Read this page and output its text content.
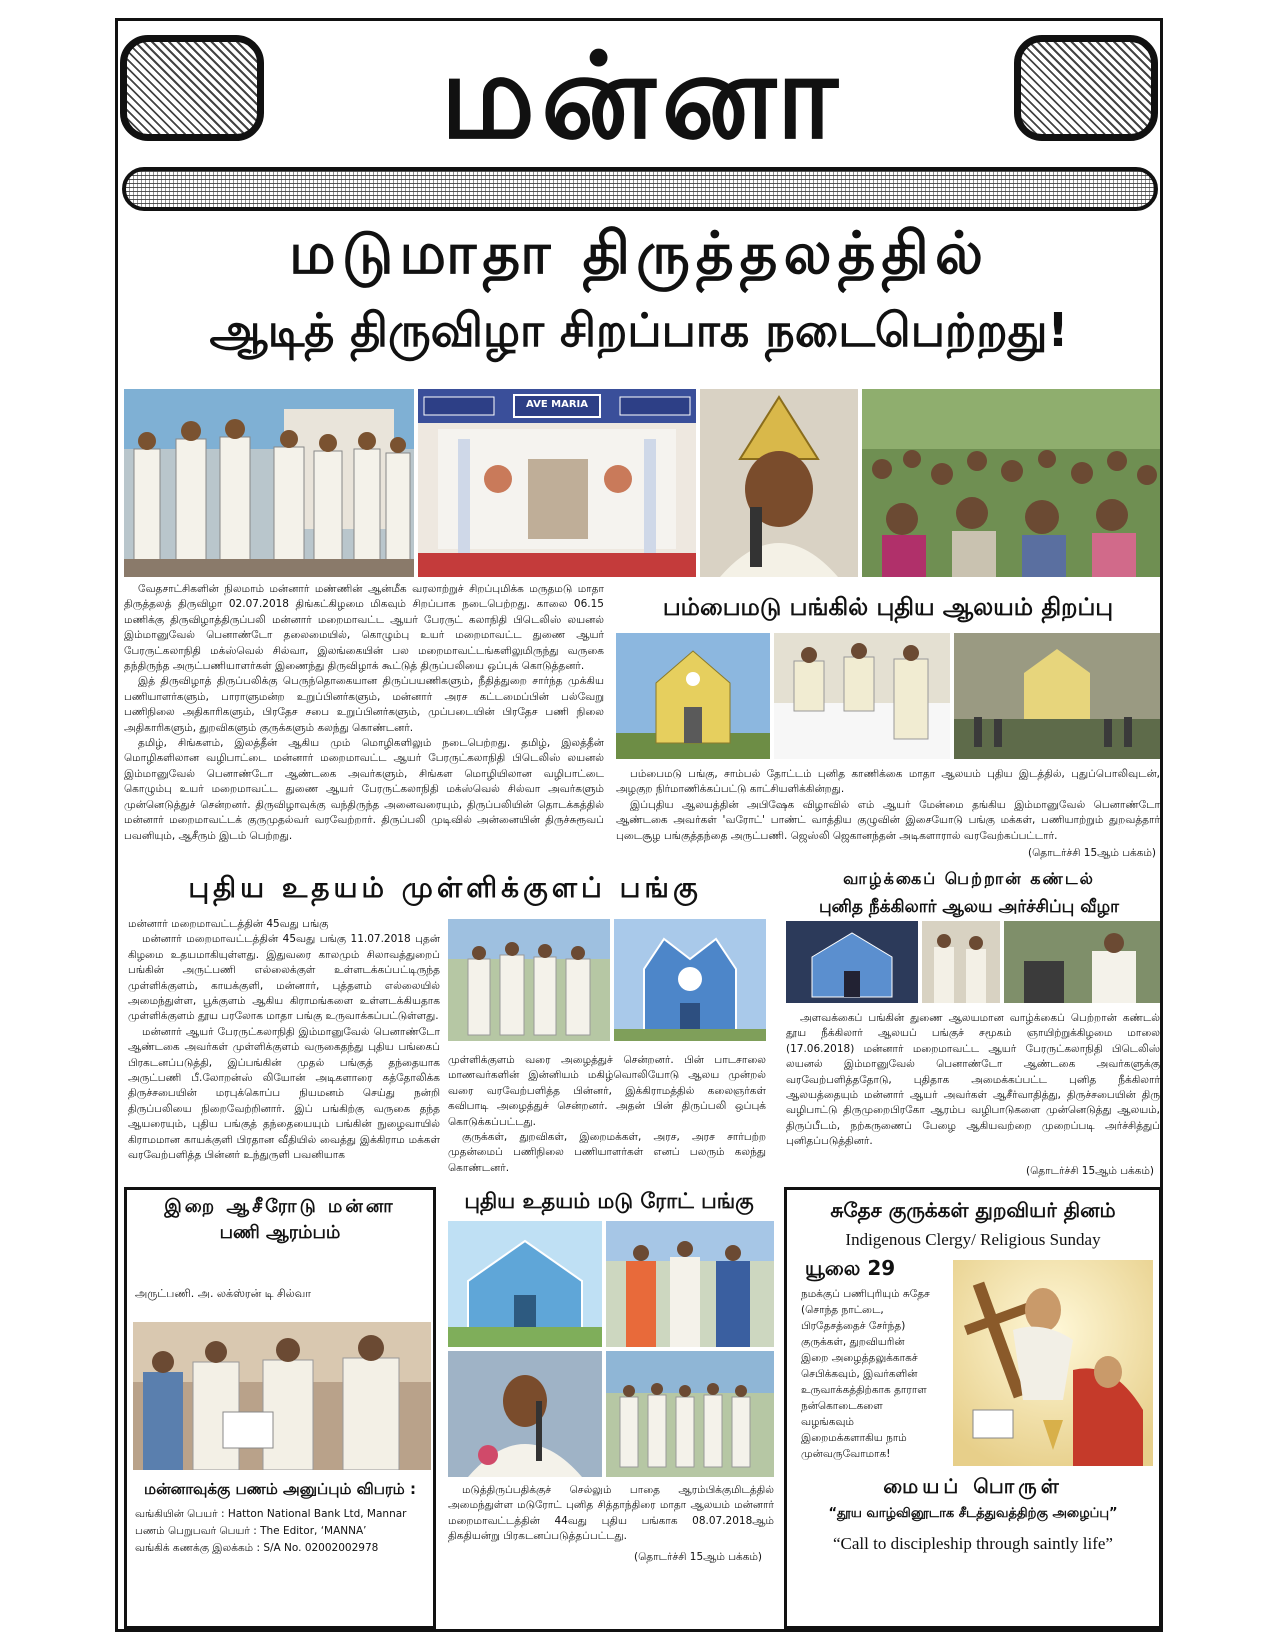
மன்னா
மடுமாதா திருத்தலத்தில்
ஆடித் திருவிழா சிறப்பாக நடைபெற்றது!
AVE MARIA

வேதசாட்சிகளின் நிலமாம் மன்னார் மண்ணின் ஆன்மீக வரலாற்றுச் சிறப்புமிக்க மருதமடு மாதா திருத்தலத் திருவிழா 02.07.2018 திங்கட்கிழமை மிகவும் சிறப்பாக நடைபெற்றது. காலை 06.15 மணிக்கு திருவிழாத்திருப்பலி மன்னார் மறைமாவட்ட ஆயர் பேரருட் கலாநிதி பிடெலிஸ் லயனல் இம்மானுவேல் பெனாண்டோ தலைமையில், கொழும்பு உயர் மறைமாவட்ட துணை ஆயர் பேரருட்கலாநிதி மக்ஸ்வெல் சில்வா, இலங்கையின் பல மறைமாவட்டங்களிலுமிருந்து வருகை தந்திருந்த அருட்பணியாளர்கள் இணைந்து திருவிழாக் கூட்டுத் திருப்பலியை ஒப்புக் கொடுத்தனர்.

இத் திருவிழாத் திருப்பலிக்கு பெருந்தொகையான திருப்பயணிகளும், நீதித்துறை சார்ந்த முக்கிய பணியாளர்களும், பாராளுமன்ற உறுப்பினர்களும், மன்னார் அரச கட்டமைப்பின் பல்வேறு பணிநிலை அதிகாரிகளும், பிரதேச சபை உறுப்பினர்களும், முப்படையின் பிரதேச பணி நிலை அதிகாரிகளும், துறவிகளும் குருக்களும் கலந்து கொண்டனர்.

தமிழ், சிங்களம், இலத்தீன் ஆகிய மும் மொழிகளிலும் நடைபெற்றது. தமிழ், இலத்தீன் மொழிகளிலான வழிபாட்டை மன்னார் மறைமாவட்ட ஆயர் பேரருட்கலாநிதி பிடெலிஸ் லயனல் இம்மானுவேல் பெனாண்டோ ஆண்டகை அவர்களும், சிங்கள மொழியிலான வழிபாட்டை கொழும்பு உயர் மறைமாவட்ட துணை ஆயர் பேரருட்கலாநிதி மக்ஸ்வெல் சில்வா அவர்களும் முன்னெடுத்துச் சென்றனர். திருவிழாவுக்கு வந்திருந்த அனைவரையும், திருப்பலியின் தொடக்கத்தில் மன்னார் மறைமாவட்டக் குருமுதல்வர் வரவேற்றார். திருப்பலி முடிவில் அன்னையின் திருச்சுரூவப் பவனியும், ஆசீரும் இடம் பெற்றது.

பம்பைமடு பங்கில் புதிய ஆலயம் திறப்பு

பம்பைமடு பங்கு, சாம்பல் தோட்டம் புனித காணிக்கை மாதா ஆலயம் புதிய இடத்தில், புதுப்பொலிவுடன், அழகுற நிர்மாணிக்கப்பட்டு காட்சியளிக்கின்றது.

இப்புதிய ஆலயத்தின் அபிஷேக விழாவில் எம் ஆயர் மேன்மை தங்கிய இம்மானுவேல் பெனாண்டோ ஆண்டகை அவர்கள் 'வரோட்' பாண்ட் வாத்திய குழுவின் இசையோடு பங்கு மக்கள், பணியாற்றும் துறவத்தார் புடைசூழ பங்குத்தந்தை அருட்பணி. ஜெஸ்லி ஜெகானந்தன் அடிகளாரால் வரவேற்கப்பட்டார்.

(தொடர்ச்சி 15ஆம் பக்கம்)
புதிய உதயம் முள்ளிக்குளப் பங்கு

மன்னார் மறைமாவட்டத்தின் 45வது பங்கு

மன்னார் மறைமாவட்டத்தின் 45வது பங்கு 11.07.2018 புதன் கிழமை உதயமாகியுள்ளது. இதுவரை காலமும் சிலாவத்துறைப் பங்கின் அருட்பணி எல்லைக்குள் உள்ளடக்கப்பட்டிருந்த முள்ளிக்குளம், காயக்குளி, மன்னார், புத்தளம் எல்லையில் அமைந்துள்ள, பூக்குளம் ஆகிய கிராமங்களை உள்ளடக்கியதாக முள்ளிக்குளம் தூய பரலோக மாதா பங்கு உருவாக்கப்பட்டுள்ளது.

மன்னார் ஆயர் பேரருட்கலாநிதி இம்மானுவேல் பெனாண்டோ ஆண்டகை அவர்கள் முள்ளிக்குளம் வருகைதந்து புதிய பங்கைப் பிரகடனப்படுத்தி, இப்பங்கின் முதல் பங்குத் தந்தையாக அருட்பணி பீ.லோறன்ஸ் லியோன் அடிகளாரை கத்தோலிக்க திருச்சபையின் மரபுக்கொப்ப நியமனம் செய்து நன்றி திருப்பலியை நிறைவேற்றினார். இப் பங்கிற்கு வருகை தந்த ஆயரையும், புதிய பங்குத் தந்தையையும் பங்கின் நுழைவாயில் கிராமமான காயக்குளி பிரதான வீதியில் வைத்து இக்கிராம மக்கள் வரவேற்பளித்த பின்னர் உந்துருளி பவனியாக

முள்ளிக்குளம் வரை அழைத்துச் சென்றனர். பின் பாடசாலை மாணவர்களின் இன்னியம் மகிழ்வொலியோடு ஆலய முன்றல் வரை வரவேற்பளித்த பின்னர், இக்கிராமத்தில் கலைஞர்கள் கவிபாடி அழைத்துச் சென்றனர். அதன் பின் திருப்பலி ஒப்புக் கொடுக்கப்பட்டது.

குருக்கள், துறவிகள், இறைமக்கள், அரச, அரச சார்பற்ற முதன்மைப் பணிநிலை பணியாளர்கள் எனப் பலரும் கலந்து கொண்டனர்.

வாழ்க்கைப் பெற்றான் கண்டல்
புனித நீக்கிலார் ஆலய அர்ச்சிப்பு வீழா

அளவக்கைப் பங்கின் துணை ஆலயமான வாழ்க்கைப் பெற்றான் கண்டல் தூய நீக்கிலார் ஆலயப் பங்குச் சமூகம் ஞாயிற்றுக்கிழமை மாலை (17.06.2018) மன்னார் மறைமாவட்ட ஆயர் பேரருட்கலாநிதி பிடெலிஸ் லயனல் இம்மானுவேல் பெனாண்டோ ஆண்டகை அவர்களுக்கு வரவேற்பளித்ததோடு, புதிதாக அமைக்கப்பட்ட புனித நீக்கிலார் ஆலயத்தையும் மன்னார் ஆயர் அவர்கள் ஆசீர்வாதித்து, திருச்சபையின் திரு வழிபாட்டு திருமுறைபிரகோ ஆரம்ப வழிபாடுகளை முன்னெடுத்து ஆலயம், திருப்பீடம், நற்கருணைப் பேழை ஆகியவற்றை முறைப்படி அர்ச்சித்துப் புனிதப்படுத்தினர்.

(தொடர்ச்சி 15ஆம் பக்கம்)
இறை ஆசீரோடு மன்னா
பணி ஆரம்பம்

அருட்பணி. அ. லக்ஸ்ரன் டி சில்வா

மன்னாவுக்கு பணம் அனுப்பும் விபரம் :
வங்கியின் பெயர் : Hatton National Bank Ltd, Mannar
பணம் பெறுபவர் பெயர் : The Editor, ‘MANNA’
வங்கிக் கணக்கு இலக்கம் : S/A No. 02002002978
புதிய உதயம் மடு ரோட் பங்கு

மடுத்திருப்பதிக்குச் செல்லும் பாதை ஆரம்பிக்குமிடத்தில் அமைந்துள்ள மடுரோட் புனித சித்தாந்திரை மாதா ஆலயம் மன்னார் மறைமாவட்டத்தின் 44வது புதிய பங்காக 08.07.2018ஆம் திகதியன்று பிரகடனப்படுத்தப்பட்டது.

(தொடர்ச்சி 15ஆம் பக்கம்)
சுதேச குருக்கள் துறவியர் தினம்
Indigenous Clergy/ Religious Sunday
யூலை 29
நமக்குப் பணிபுரியும் சுதேச
(சொந்த நாட்டை,
பிரதேசத்தைச் சேர்ந்த)
குருக்கள், துறவியரின்
இறை அழைத்தலுக்காகச்
செபிக்கவும், இவர்களின்
உருவாக்கத்திற்காக தாராள
நன்கொடைகளை
வழங்கவும்
இறைமக்களாகிய நாம்
முன்வருவோமாக!
மையப் பொருள்
“தூய வாழ்வினூடாக சீடத்துவத்திற்கு அழைப்பு”
“Call to discipleship through saintly life”
